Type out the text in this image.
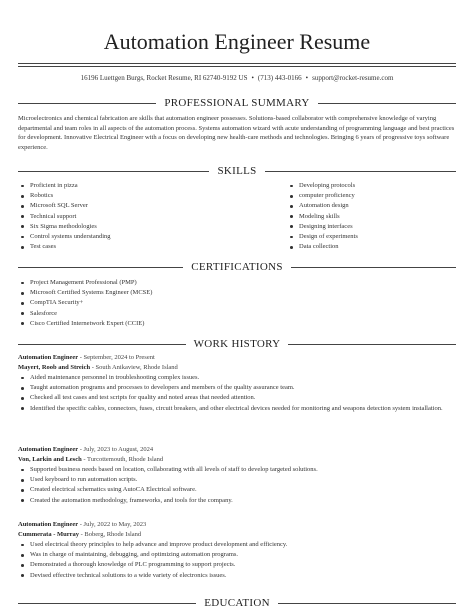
Automation Engineer Resume
16196 Luettgen Burgs, Rocket Resume, RI 62740-9192 US • (713) 443-0166 • support@rocket-resume.com
PROFESSIONAL SUMMARY
Microelectronics and chemical fabrication are skills that automation engineer possesses. Solutions-based collaborator with comprehensive knowledge of varying departmental and team roles in all aspects of the automation process. Systems automation wizard with acute understanding of programming language and best practices for development. Innovative Electrical Engineer with a focus on developing new health-care methods and technologies. Bringing 6 years of progressive toys software experience.
SKILLS
Proficient in pizza
Robotics
Microsoft SQL Server
Technical support
Six Sigma methodologies
Control systems understanding
Test cases
Developing protocols
computer proficiency
Automation design
Modeling skills
Designing interfaces
Design of experiments
Data collection
CERTIFICATIONS
Project Management Professional (PMP)
Microsoft Certified Systems Engineer (MCSE)
CompTIA Security+
Salesforce
Cisco Certified Internetwork Expert (CCIE)
WORK HISTORY
Automation Engineer - September, 2024 to Present
Mayert, Roob and Streich - South Anikaview, Rhode Island
Aided maintenance personnel in troubleshooting complex issues.
Taught automation programs and processes to developers and members of the quality assurance team.
Checked all test cases and test scripts for quality and noted areas that needed attention.
Identified the specific cables, connectors, fuses, circuit breakers, and other electrical devices needed for monitoring and weapons detection system installation.
Automation Engineer - July, 2023 to August, 2024
Von, Larkin and Lesch - Turcottemouth, Rhode Island
Supported business needs based on location, collaborating with all levels of staff to develop targeted solutions.
Used keyboard to run automation scripts.
Created electrical schematics using AutoCA Electrical software.
Created the automation methodology, frameworks, and tools for the company.
Automation Engineer - July, 2022 to May, 2023
Cummerata - Murray - Boberg, Rhode Island
Used electrical theory principles to help advance and improve product development and efficiency.
Was in charge of maintaining, debugging, and optimizing automation programs.
Demonstrated a thorough knowledge of PLC programming to support projects.
Devised effective technical solutions to a wide variety of electronics issues.
EDUCATION
